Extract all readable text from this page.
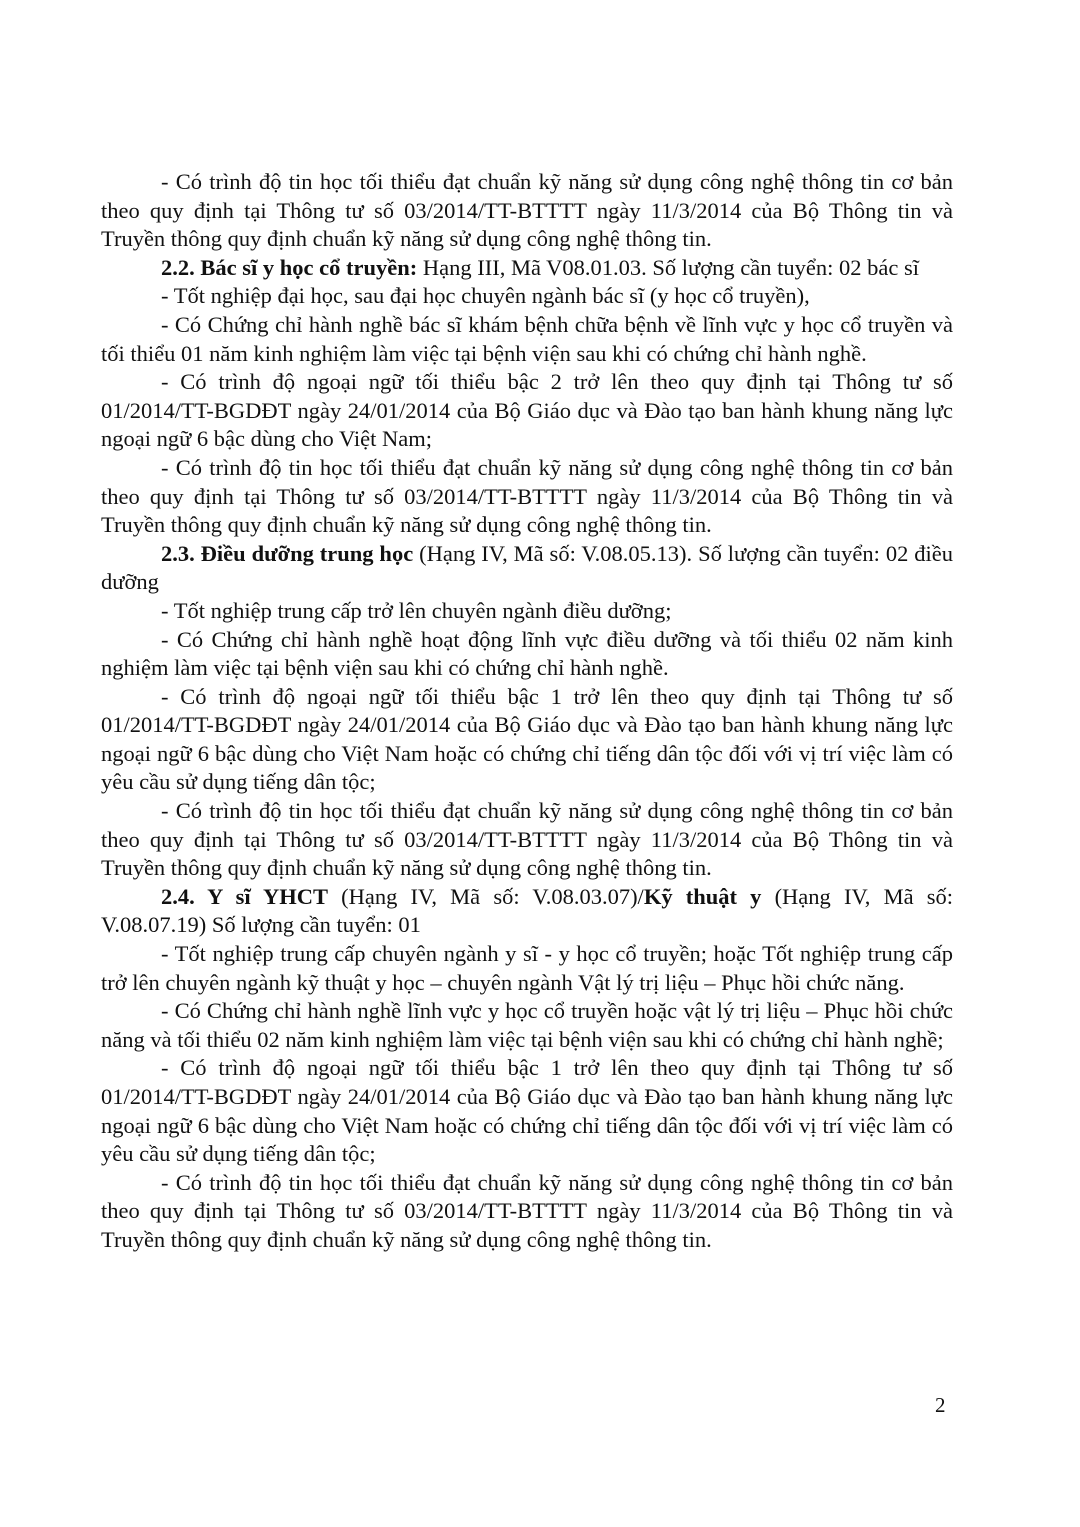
- Có trình độ tin học tối thiểu đạt chuẩn kỹ năng sử dụng công nghệ thông tin cơ bản theo quy định tại Thông tư số 03/2014/TT-BTTTT ngày 11/3/2014 của Bộ Thông tin và Truyền thông quy định chuẩn kỹ năng sử dụng công nghệ thông tin.

2.2. Bác sĩ y học cổ truyền: Hạng III, Mã V08.01.03. Số lượng cần tuyển: 02 bác sĩ

- Tốt nghiệp đại học, sau đại học chuyên ngành bác sĩ (y học cổ truyền),

- Có Chứng chỉ hành nghề bác sĩ khám bệnh chữa bệnh về lĩnh vực y học cổ truyền và tối thiểu 01 năm kinh nghiệm làm việc tại bệnh viện sau khi có chứng chỉ hành nghề.

- Có trình độ ngoại ngữ tối thiểu bậc 2 trở lên theo quy định tại Thông tư số 01/2014/TT-BGDĐT ngày 24/01/2014 của Bộ Giáo dục và Đào tạo ban hành khung năng lực ngoại ngữ 6 bậc dùng cho Việt Nam;

- Có trình độ tin học tối thiểu đạt chuẩn kỹ năng sử dụng công nghệ thông tin cơ bản theo quy định tại Thông tư số 03/2014/TT-BTTTT ngày 11/3/2014 của Bộ Thông tin và Truyền thông quy định chuẩn kỹ năng sử dụng công nghệ thông tin.

2.3. Điều dưỡng trung học (Hạng IV, Mã số: V.08.05.13). Số lượng cần tuyển: 02 điều dưỡng

- Tốt nghiệp trung cấp trở lên chuyên ngành điều dưỡng;

- Có Chứng chỉ hành nghề hoạt động lĩnh vực điều dưỡng và tối thiểu 02 năm kinh nghiệm làm việc tại bệnh viện sau khi có chứng chỉ hành nghề.

- Có trình độ ngoại ngữ tối thiểu bậc 1 trở lên theo quy định tại Thông tư số 01/2014/TT-BGDĐT ngày 24/01/2014 của Bộ Giáo dục và Đào tạo ban hành khung năng lực ngoại ngữ 6 bậc dùng cho Việt Nam hoặc có chứng chỉ tiếng dân tộc đối với vị trí việc làm có yêu cầu sử dụng tiếng dân tộc;

- Có trình độ tin học tối thiểu đạt chuẩn kỹ năng sử dụng công nghệ thông tin cơ bản theo quy định tại Thông tư số 03/2014/TT-BTTTT ngày 11/3/2014 của Bộ Thông tin và Truyền thông quy định chuẩn kỹ năng sử dụng công nghệ thông tin.

2.4. Y sĩ YHCT (Hạng IV, Mã số: V.08.03.07)/Kỹ thuật y (Hạng IV, Mã số: V.08.07.19) Số lượng cần tuyển: 01

- Tốt nghiệp trung cấp chuyên ngành y sĩ - y học cổ truyền; hoặc Tốt nghiệp trung cấp trở lên chuyên ngành kỹ thuật y học – chuyên ngành Vật lý trị liệu – Phục hồi chức năng.

- Có Chứng chỉ hành nghề lĩnh vực y học cổ truyền hoặc vật lý trị liệu – Phục hồi chức năng và tối thiểu 02 năm kinh nghiệm làm việc tại bệnh viện sau khi có chứng chỉ hành nghề;

- Có trình độ ngoại ngữ tối thiểu bậc 1 trở lên theo quy định tại Thông tư số 01/2014/TT-BGDĐT ngày 24/01/2014 của Bộ Giáo dục và Đào tạo ban hành khung năng lực ngoại ngữ 6 bậc dùng cho Việt Nam hoặc có chứng chỉ tiếng dân tộc đối với vị trí việc làm có yêu cầu sử dụng tiếng dân tộc;

- Có trình độ tin học tối thiểu đạt chuẩn kỹ năng sử dụng công nghệ thông tin cơ bản theo quy định tại Thông tư số 03/2014/TT-BTTTT ngày 11/3/2014 của Bộ Thông tin và Truyền thông quy định chuẩn kỹ năng sử dụng công nghệ thông tin.

2
